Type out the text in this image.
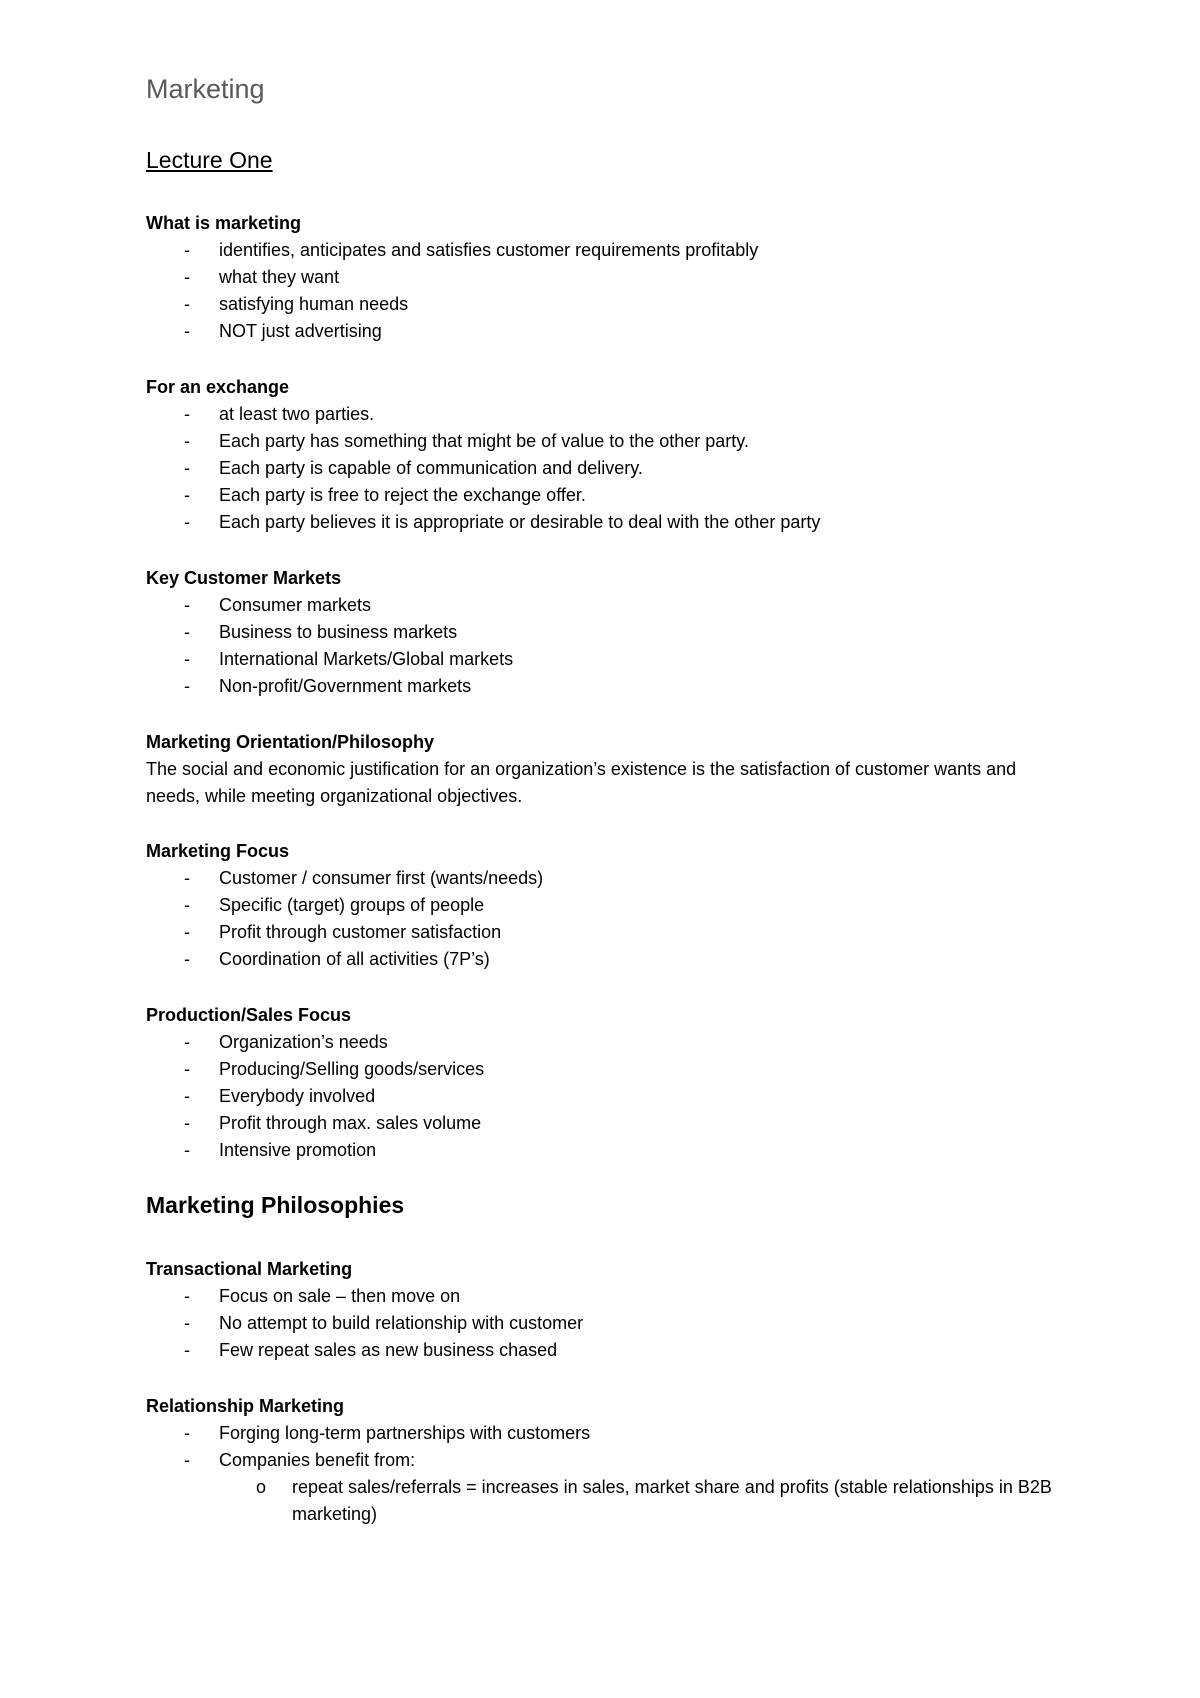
Marketing
Lecture One

What is marketing

- identifies, anticipates and satisfies customer requirements profitably
- what they want
- satisfying human needs
- NOT just advertising

For an exchange

- at least two parties.
- Each party has something that might be of value to the other party.
- Each party is capable of communication and delivery.
- Each party is free to reject the exchange offer.
- Each party believes it is appropriate or desirable to deal with the other party

Key Customer Markets

- Consumer markets
- Business to business markets
- International Markets/Global markets
- Non-profit/Government markets

Marketing Orientation/Philosophy

The social and economic justification for an organization’s existence is the satisfaction of customer wants and needs, while meeting organizational objectives.

Marketing Focus

- Customer / consumer first (wants/needs)
- Specific (target) groups of people
- Profit through customer satisfaction
- Coordination of all activities (7P’s)

Production/Sales Focus

- Organization’s needs
- Producing/Selling goods/services
- Everybody involved
- Profit through max. sales volume
- Intensive promotion
Marketing Philosophies

Transactional Marketing

- Focus on sale – then move on
- No attempt to build relationship with customer
- Few repeat sales as new business chased

Relationship Marketing

- Forging long-term partnerships with customers
- Companies benefit from:
o repeat sales/referrals = increases in sales, market share and profits (stable relationships in B2B marketing)
